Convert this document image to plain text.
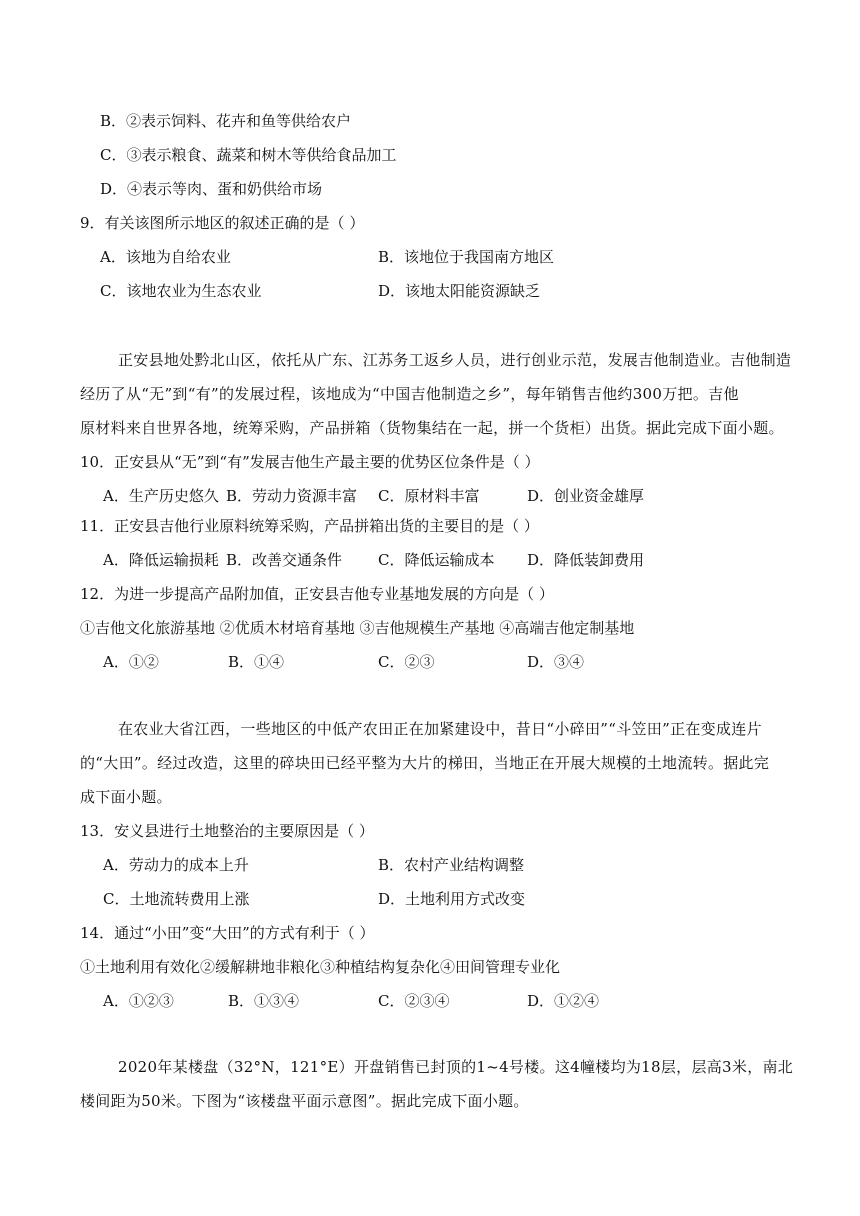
B．②表示饲料、花卉和鱼等供给农户
C．③表示粮食、蔬菜和树木等供给食品加工
D．④表示等肉、蛋和奶供给市场
9．有关该图所示地区的叙述正确的是（ ）
A．该地为自给农业	B．该地位于我国南方地区
C．该地农业为生态农业	D．该地太阳能资源缺乏
正安县地处黔北山区，依托从广东、江苏务工返乡人员，进行创业示范，发展吉他制造业。吉他制造
经历了从“无”到“有”的发展过程，该地成为“中国吉他制造之乡”，每年销售吉他约300万把。吉他
原材料来自世界各地，统筹采购，产品拼箱（货物集结在一起，拼一个货柜）出货。据此完成下面小题。
10．正安县从“无”到“有”发展吉他生产最主要的优势区位条件是（ ）
A．生产历史悠久 B．劳动力资源丰富 C．原材料丰富	D．创业资金雄厚
11．正安县吉他行业原料统筹采购，产品拼箱出货的主要目的是（ ）
A．降低运输损耗 B．改善交通条件 C．降低运输成本 D．降低装卸费用
12．为进一步提高产品附加值，正安县吉他专业基地发展的方向是（ ）
①吉他文化旅游基地 ②优质木材培育基地 ③吉他规模生产基地 ④高端吉他定制基地
A．①②	B．①④	C．②③	D．③④
在农业大省江西，一些地区的中低产农田正在加紧建设中，昔日“小碎田”“斗笠田”正在变成连片
的“大田”。经过改造，这里的碎块田已经平整为大片的梯田，当地正在开展大规模的土地流转。据此完
成下面小题。
13．安义县进行土地整治的主要原因是（ ）
A．劳动力的成本上升	B．农村产业结构调整
C．土地流转费用上涨	D．土地利用方式改变
14．通过“小田”变“大田”的方式有利于（ ）
①土地利用有效化②缓解耕地非粮化③种植结构复杂化④田间管理专业化
A．①②③	B．①③④	C．②③④	D．①②④
2020年某楼盘（32°N，121°E）开盘销售已封顶的1~4号楼。这4幢楼均为18层，层高3米，南北
楼间距为50米。下图为“该楼盘平面示意图”。据此完成下面小题。
